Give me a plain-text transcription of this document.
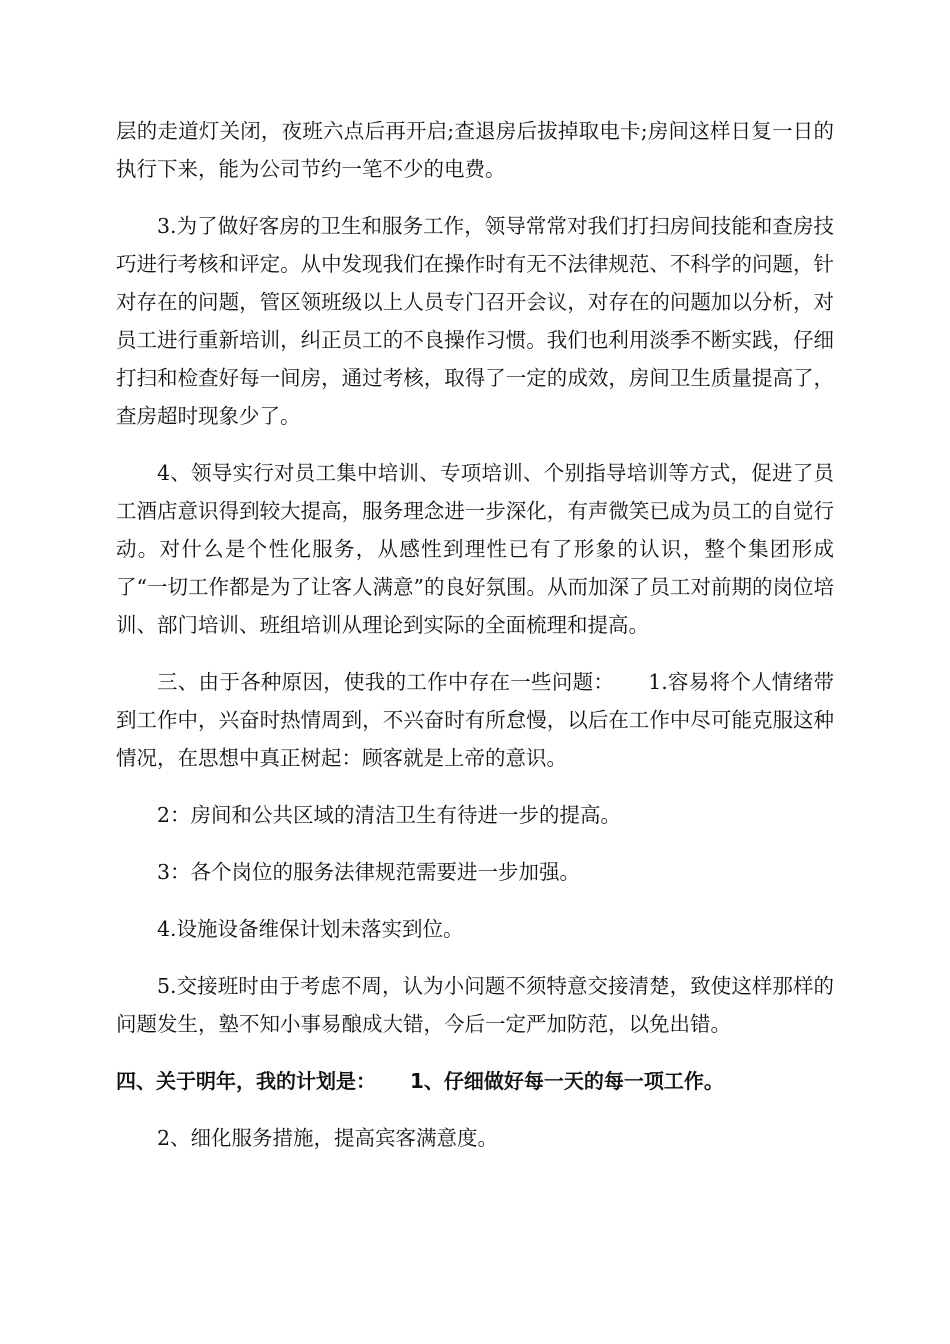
层的走道灯关闭，夜班六点后再开启;查退房后拔掉取电卡;房间这样日复一日的执行下来，能为公司节约一笔不少的电费。

3.为了做好客房的卫生和服务工作，领导常常对我们打扫房间技能和查房技巧进行考核和评定。从中发现我们在操作时有无不法律规范、不科学的问题，针对存在的问题，管区领班级以上人员专门召开会议，对存在的问题加以分析，对员工进行重新培训，纠正员工的不良操作习惯。我们也利用淡季不断实践，仔细打扫和检查好每一间房，通过考核，取得了一定的成效，房间卫生质量提高了，查房超时现象少了。

4、领导实行对员工集中培训、专项培训、个别指导培训等方式，促进了员工酒店意识得到较大提高，服务理念进一步深化，有声微笑已成为员工的自觉行动。对什么是个性化服务，从感性到理性已有了形象的认识，整个集团形成了“一切工作都是为了让客人满意”的良好氛围。从而加深了员工对前期的岗位培训、部门培训、班组培训从理论到实际的全面梳理和提高。

三、由于各种原因，使我的工作中存在一些问题： 1.容易将个人情绪带到工作中，兴奋时热情周到，不兴奋时有所怠慢，以后在工作中尽可能克服这种情况，在思想中真正树起：顾客就是上帝的意识。

2：房间和公共区域的清洁卫生有待进一步的提高。

3：各个岗位的服务法律规范需要进一步加强。

4.设施设备维保计划未落实到位。

5.交接班时由于考虑不周，认为小问题不须特意交接清楚，致使这样那样的问题发生，塾不知小事易酿成大错，今后一定严加防范，以免出错。

四、关于明年，我的计划是： 1、仔细做好每一天的每一项工作。

2、细化服务措施，提高宾客满意度。
